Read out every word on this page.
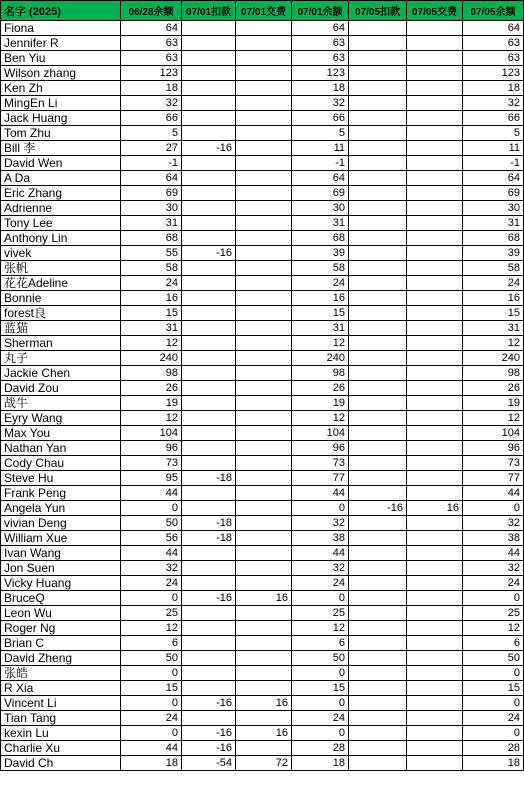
名字 (2025)	06/28余额	07/01扣款	07/01交费	07/01余额	07/05扣款	07/05交费	07/05余额
Fiona	64			64			64
Jennifer R	63			63			63
Ben Yiu	63			63			63
Wilson zhang	123			123			123
Ken Zh	18			18			18
MingEn Li	32			32			32
Jack Huang	66			66			66
Tom Zhu	5			5			5
Bill 李	27	-16		11			11
David Wen	-1			-1			-1
A Da	64			64			64
Eric Zhang	69			69			69
Adrienne	30			30			30
Tony Lee	31			31			31
Anthony Lin	68			68			68
vivek	55	-16		39			39
张帆	58			58			58
花花Adeline	24			24			24
Bonnie	16			16			16
forest良	15			15			15
蓝猫	31			31			31
Sherman	12			12			12
丸子	240			240			240
Jackie Chen	98			98			98
David Zou	26			26			26
战牛	19			19			19
Eyry Wang	12			12			12
Max You	104			104			104
Nathan Yan	96			96			96
Cody Chau	73			73			73
Steve Hu	95	-18		77			77
Frank Peng	44			44			44
Angela Yun	0			0	-16	16	0
vivian Deng	50	-18		32			32
William Xue	56	-18		38			38
Ivan Wang	44			44			44
Jon Suen	32			32			32
Vicky Huang	24			24			24
BruceQ	0	-16	16	0			0
Leon Wu	25			25			25
Roger Ng	12			12			12
Brian C	6			6			6
David Zheng	50			50			50
张皓	0			0			0
R Xia	15			15			15
Vincent Li	0	-16	16	0			0
Tian Tang	24			24			24
kexin Lu	0	-16	16	0			0
Charlie Xu	44	-16		28			28
David Ch	18	-54	72	18			18
